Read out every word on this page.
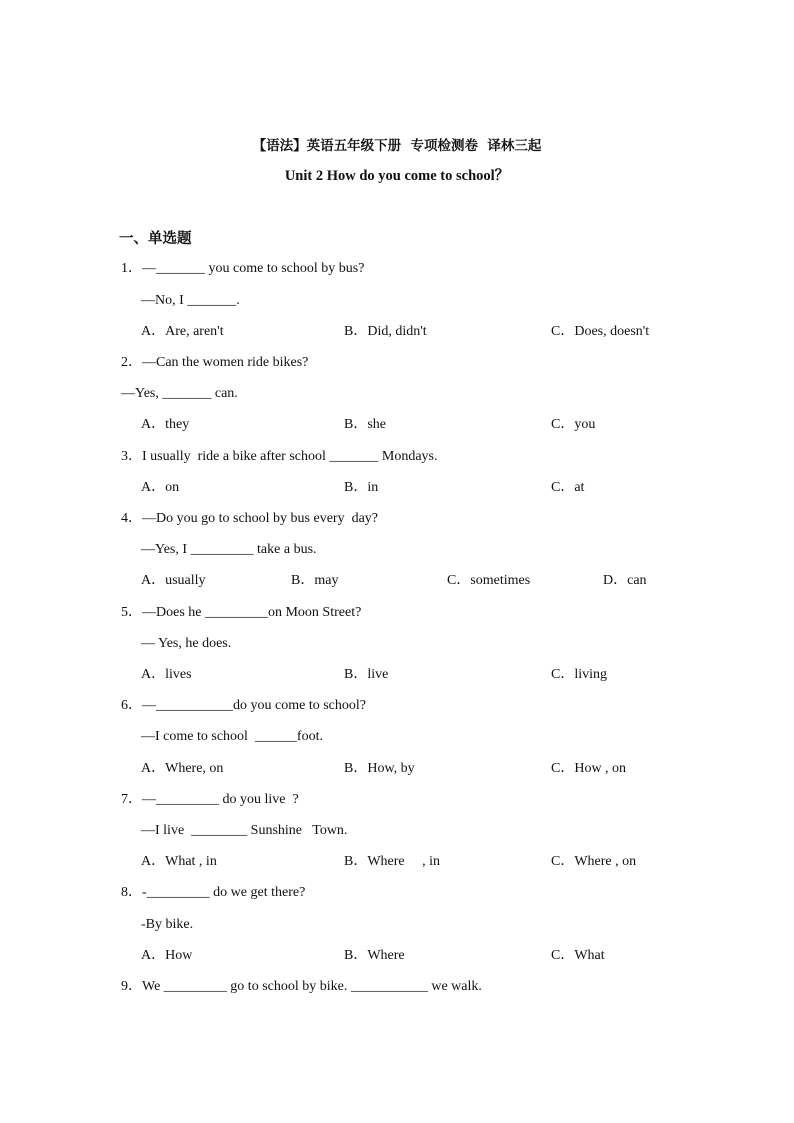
【语法】英语五年级下册  专项检测卷  译林三起
Unit 2 How do you come to school？
一、单选题
1．—_______ you come to school by bus?
—No, I _______.
A．Are, aren't	B．Did, didn't	C．Does, doesn't
2．—Can the women ride bikes?
—Yes, _______ can.
A．they	B．she	C．you
3．I usually  ride a bike after school _______ Mondays.
A．on	B．in	C．at
4．—Do you go to school by bus every  day?
—Yes, I _________ take a bus.
A．usually	B．may	C．sometimes	D．can
5．—Does he _________on Moon Street?
— Yes, he does.
A．lives	B．live	C．living
6．—___________do you come to school?
—I come to school  ______foot.
A．Where, on	B．How, by	C．How , on
7．—_________ do you live  ?
—I live  ________ Sunshine   Town.
A．What , in	B．Where     , in	C．Where , on
8．-_________ do we get there?
-By bike.
A．How	B．Where	C．What
9．We _________ go to school by bike. ___________ we walk.
